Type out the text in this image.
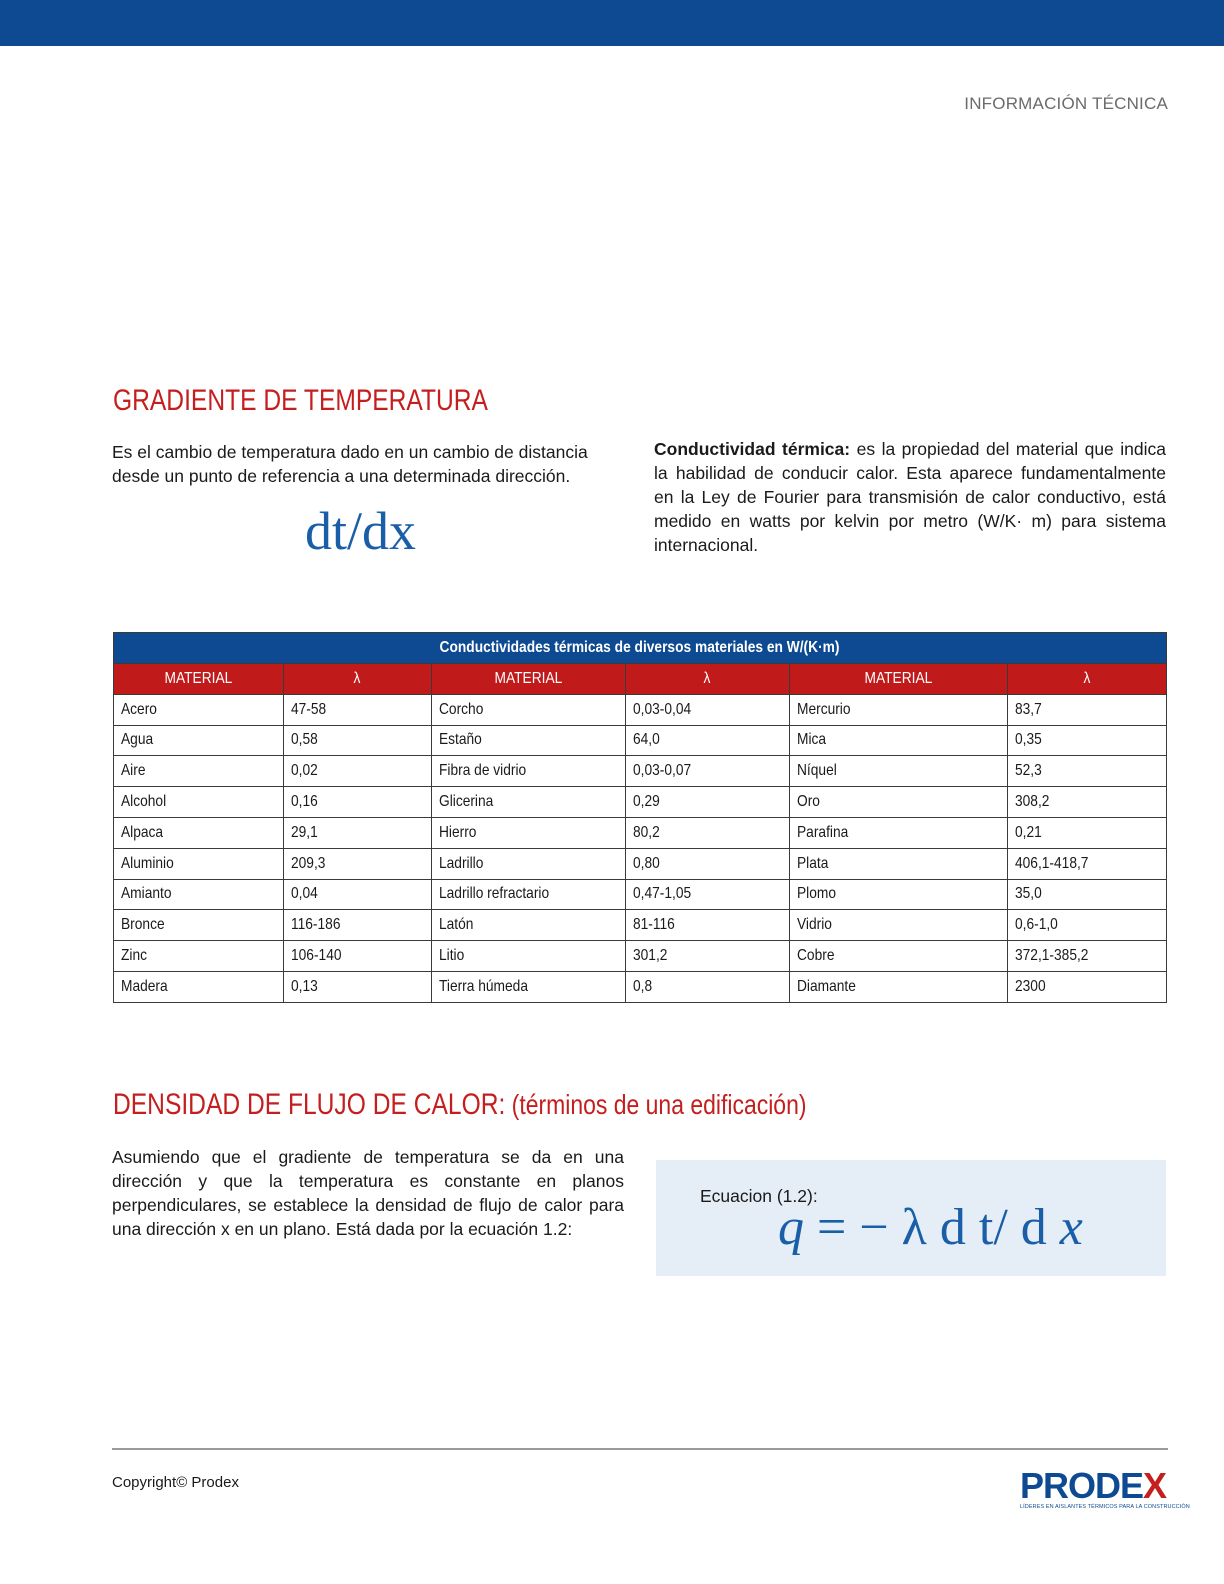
INFORMACIÓN TÉCNICA
GRADIENTE DE TEMPERATURA
Es el cambio de temperatura dado en un cambio de distancia desde un punto de referencia a una determinada dirección.
dt/dx
Conductividad térmica: es la propiedad del material que indica la habilidad de conducir calor. Esta aparece fundamentalmente en la Ley de Fourier para transmisión de calor conductivo, está medido en watts por kelvin por metro (W/K· m) para sistema internacional.
Conductividades térmicas de diversos materiales en W/(K·m)					
MATERIAL	λ	MATERIAL	λ	MATERIAL	λ
Acero	47-58	Corcho	0,03-0,04	Mercurio	83,7
Agua	0,58	Estaño	64,0	Mica	0,35
Aire	0,02	Fibra de vidrio	0,03-0,07	Níquel	52,3
Alcohol	0,16	Glicerina	0,29	Oro	308,2
Alpaca	29,1	Hierro	80,2	Parafina	0,21
Aluminio	209,3	Ladrillo	0,80	Plata	406,1-418,7
Amianto	0,04	Ladrillo refractario	0,47-1,05	Plomo	35,0
Bronce	116-186	Latón	81-116	Vidrio	0,6-1,0
Zinc	106-140	Litio	301,2	Cobre	372,1-385,2
Madera	0,13	Tierra húmeda	0,8	Diamante	2300
DENSIDAD DE FLUJO DE CALOR: (términos de una edificación)
Asumiendo que el gradiente de temperatura se da en una dirección y que la temperatura es constante en planos perpendiculares, se establece la densidad de flujo de calor para una dirección x en un plano. Está dada por la ecuación 1.2:
Ecuacion (1.2):
q = − λ d t/ d x
Copyright© Prodex	PRODEX
LÍDERES EN AISLANTES TÉRMICOS PARA LA CONSTRUCCIÓN
